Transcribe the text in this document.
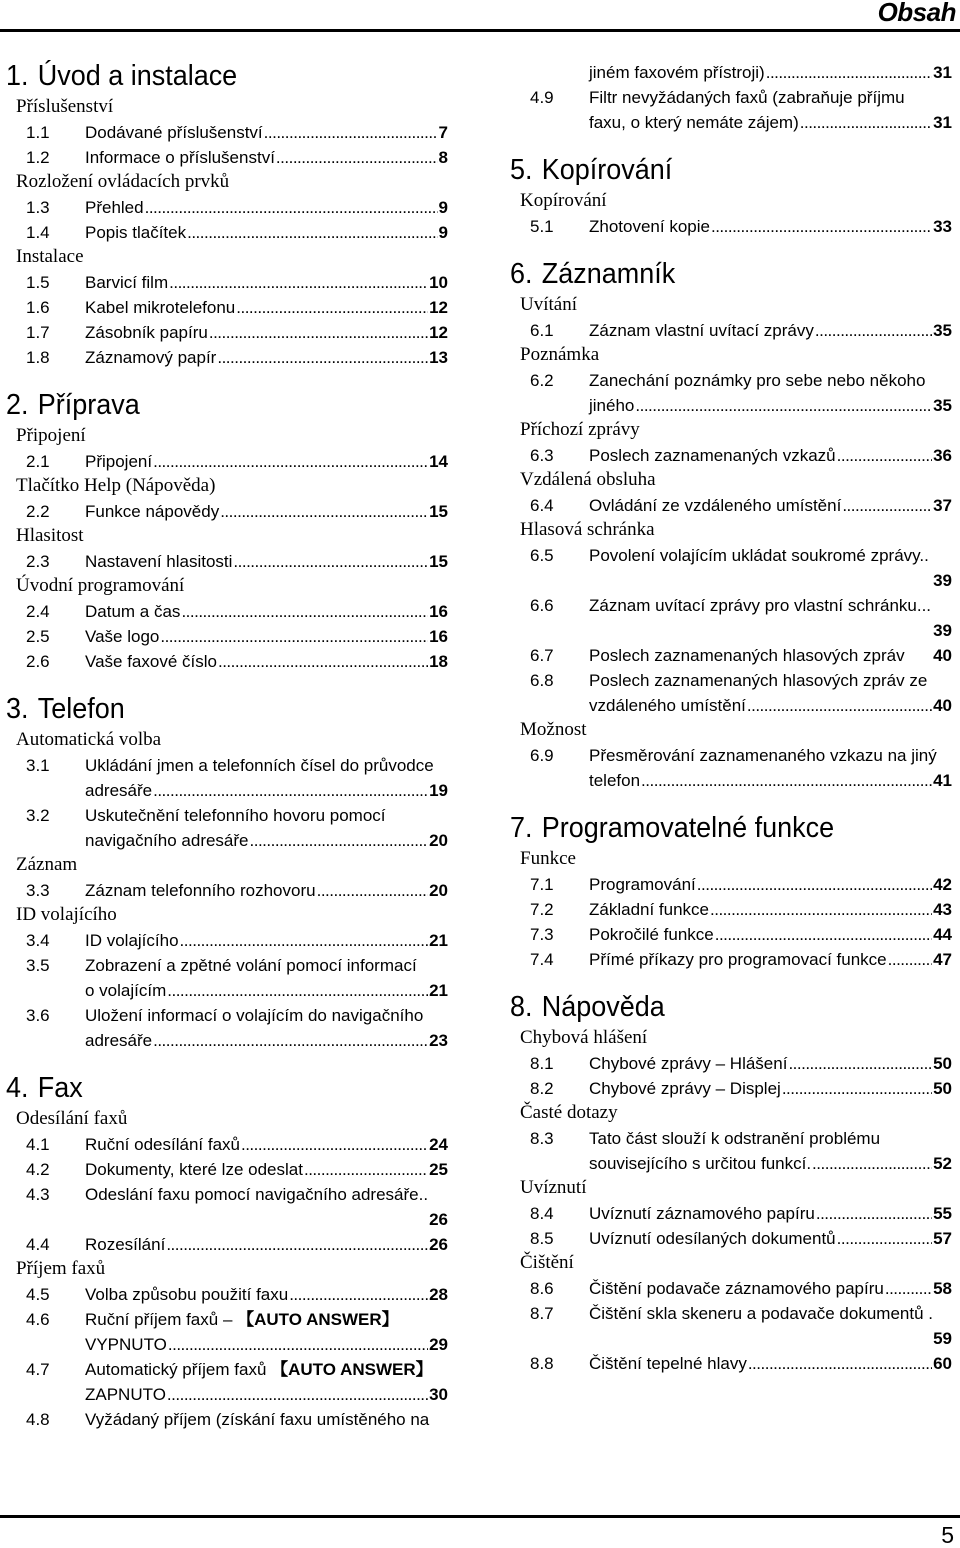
Obsah
1. Úvod a instalace
Příslušenství
1.1 Dodávané příslušenství .....	7
1.2 Informace o příslušenství .....	8
Rozložení ovládacích prvků
1.3 Přehled .....	9
1.4 Popis tlačítek .....	9
Instalace
1.5 Barvicí film .....	10
1.6 Kabel mikrotelefonu .....	12
1.7 Zásobník papíru .....	12
1.8 Záznamový papír .....	13
2. Příprava
Připojení
2.1 Připojení .....	14
Tlačítko Help (Nápověda)
2.2 Funkce nápovědy .....	15
Hlasitost
2.3 Nastavení hlasitosti .....	15
Úvodní programování
2.4 Datum a čas .....	16
2.5 Vaše logo .....	16
2.6 Vaše faxové číslo .....	18
3. Telefon
Automatická volba
3.1 Ukládání jmen a telefonních čísel do průvodce
adresáře .....	19
3.2 Uskutečnění telefonního hovoru pomocí
navigačního adresáře .....	20
Záznam
3.3 Záznam telefonního rozhovoru .....	20
ID volajícího
3.4 ID volajícího .....	21
3.5 Zobrazení a zpětné volání pomocí informací
o volajícím .....	21
3.6 Uložení informací o volajícím do navigačního
adresáře .....	23
4. Fax
Odesílání faxů
4.1 Ruční odesílání faxů .....	24
4.2 Dokumenty, které lze odeslat .....	25
4.3 Odeslání faxu pomocí navigačního adresáře..
26
4.4 Rozesílání .....	26
Příjem faxů
4.5 Volba způsobu použití faxu .....	28
4.6 Ruční příjem faxů – 【AUTO ANSWER】
VYPNUTO .....	29
4.7 Automatický příjem faxů 【AUTO ANSWER】
ZAPNUTO .....	30
4.8 Vyžádaný příjem (získání faxu umístěného na
jiném faxovém přístroji) .....	31
4.9 Filtr nevyžádaných faxů (zabraňuje příjmu
faxu, o který nemáte zájem) .....	31
5. Kopírování
Kopírování
5.1 Zhotovení kopie .....	33
6. Záznamník
Uvítání
6.1 Záznam vlastní uvítací zprávy .....	35
Poznámka
6.2 Zanechání poznámky pro sebe nebo někoho
jiného .....	35
Příchozí zprávy
6.3 Poslech zaznamenaných vzkazů .....	36
Vzdálená obsluha
6.4 Ovládání ze vzdáleného umístění .....	37
Hlasová schránka
6.5 Povolení volajícím ukládat soukromé zprávy..
39
6.6 Záznam uvítací zprávy pro vlastní schránku...
39
6.7 Poslech zaznamenaných hlasových zpráv 40
6.8 Poslech zaznamenaných hlasových zpráv ze
vzdáleného umístění .....	40
Možnost
6.9 Přesměrování zaznamenaného vzkazu na jiný
telefon .....	41
7. Programovatelné funkce
Funkce
7.1 Programování .....	42
7.2 Základní funkce .....	43
7.3 Pokročilé funkce .....	44
7.4 Přímé příkazy pro programovací funkce .....	47
8. Nápověda
Chybová hlášení
8.1 Chybové zprávy – Hlášení .....	50
8.2 Chybové zprávy – Displej .....	50
Časté dotazy
8.3 Tato část slouží k odstranění problému
souvisejícího s určitou funkcí. .....	52
Uvíznutí
8.4 Uvíznutí záznamového papíru .....	55
8.5 Uvíznutí odesílaných dokumentů .....	57
Čištění
8.6 Čištění podavače záznamového papíru .....	58
8.7 Čištění skla skeneru a podavače dokumentů .
59
8.8 Čištění tepelné hlavy .....	60
5
